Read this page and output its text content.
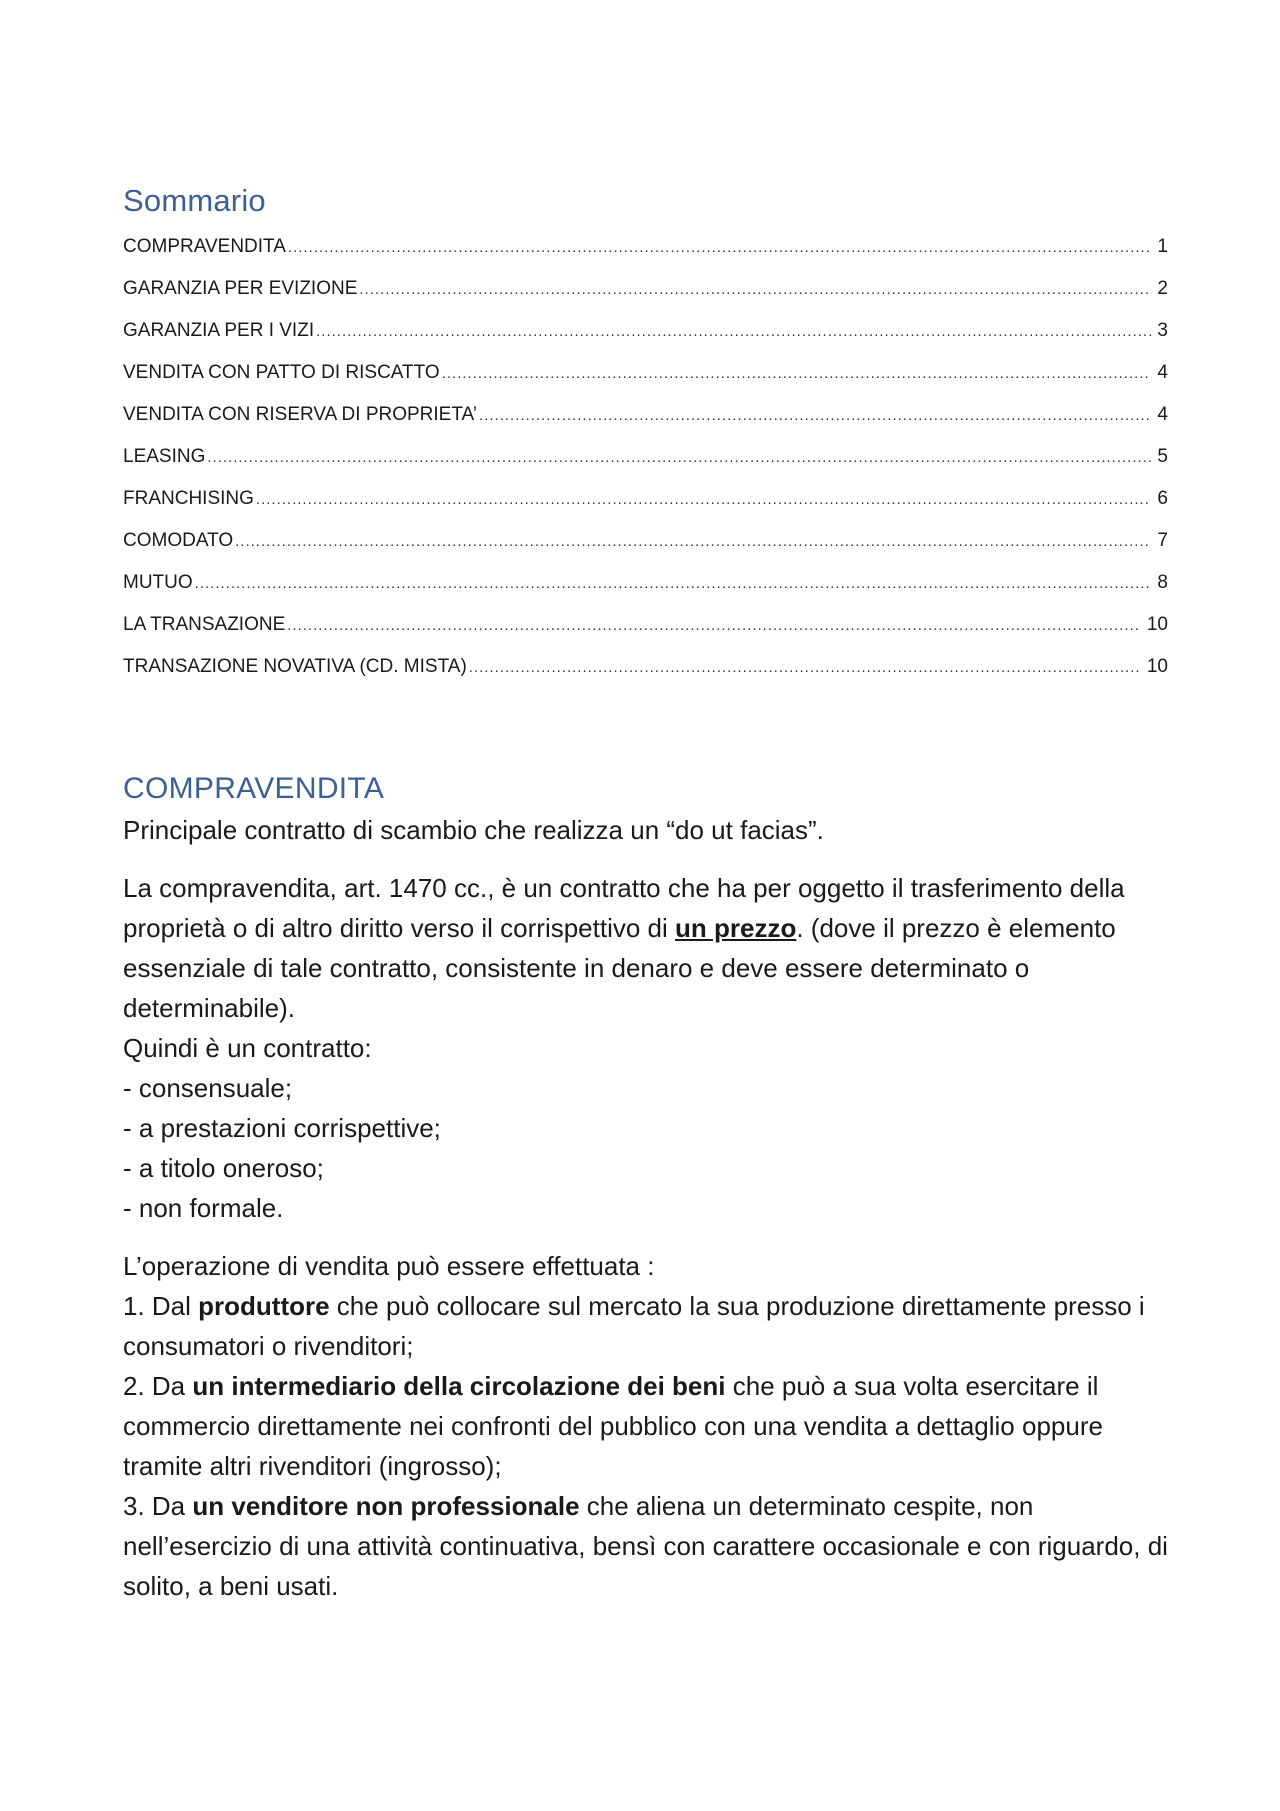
Sommario
COMPRAVENDITA .....	1
GARANZIA PER EVIZIONE .....	2
GARANZIA PER I VIZI .....	3
VENDITA CON PATTO DI RISCATTO .....	4
VENDITA CON RISERVA DI PROPRIETA’ .....	4
LEASING .....	5
FRANCHISING .....	6
COMODATO .....	7
MUTUO .....	8
LA TRANSAZIONE .....	10
TRANSAZIONE NOVATIVA (CD. MISTA) .....	10
COMPRAVENDITA

Principale contratto di scambio che realizza un “do ut facias”.

La compravendita, art. 1470 cc., è un contratto che ha per oggetto il trasferimento della proprietà o di altro diritto verso il corrispettivo di un prezzo. (dove il prezzo è elemento essenziale di tale contratto, consistente in denaro e deve essere determinato o determinabile).
Quindi è un contratto:
- consensuale;
- a prestazioni corrispettive;
- a titolo oneroso;
- non formale.

L’operazione di vendita può essere effettuata :
1. Dal produttore che può collocare sul mercato la sua produzione direttamente presso i consumatori o rivenditori;
2. Da un intermediario della circolazione dei beni che può a sua volta esercitare il commercio direttamente nei confronti del pubblico con una vendita a dettaglio oppure tramite altri rivenditori (ingrosso);
3. Da un venditore non professionale che aliena un determinato cespite, non nell’esercizio di una attività continuativa, bensì con carattere occasionale e con riguardo, di solito, a beni usati.
